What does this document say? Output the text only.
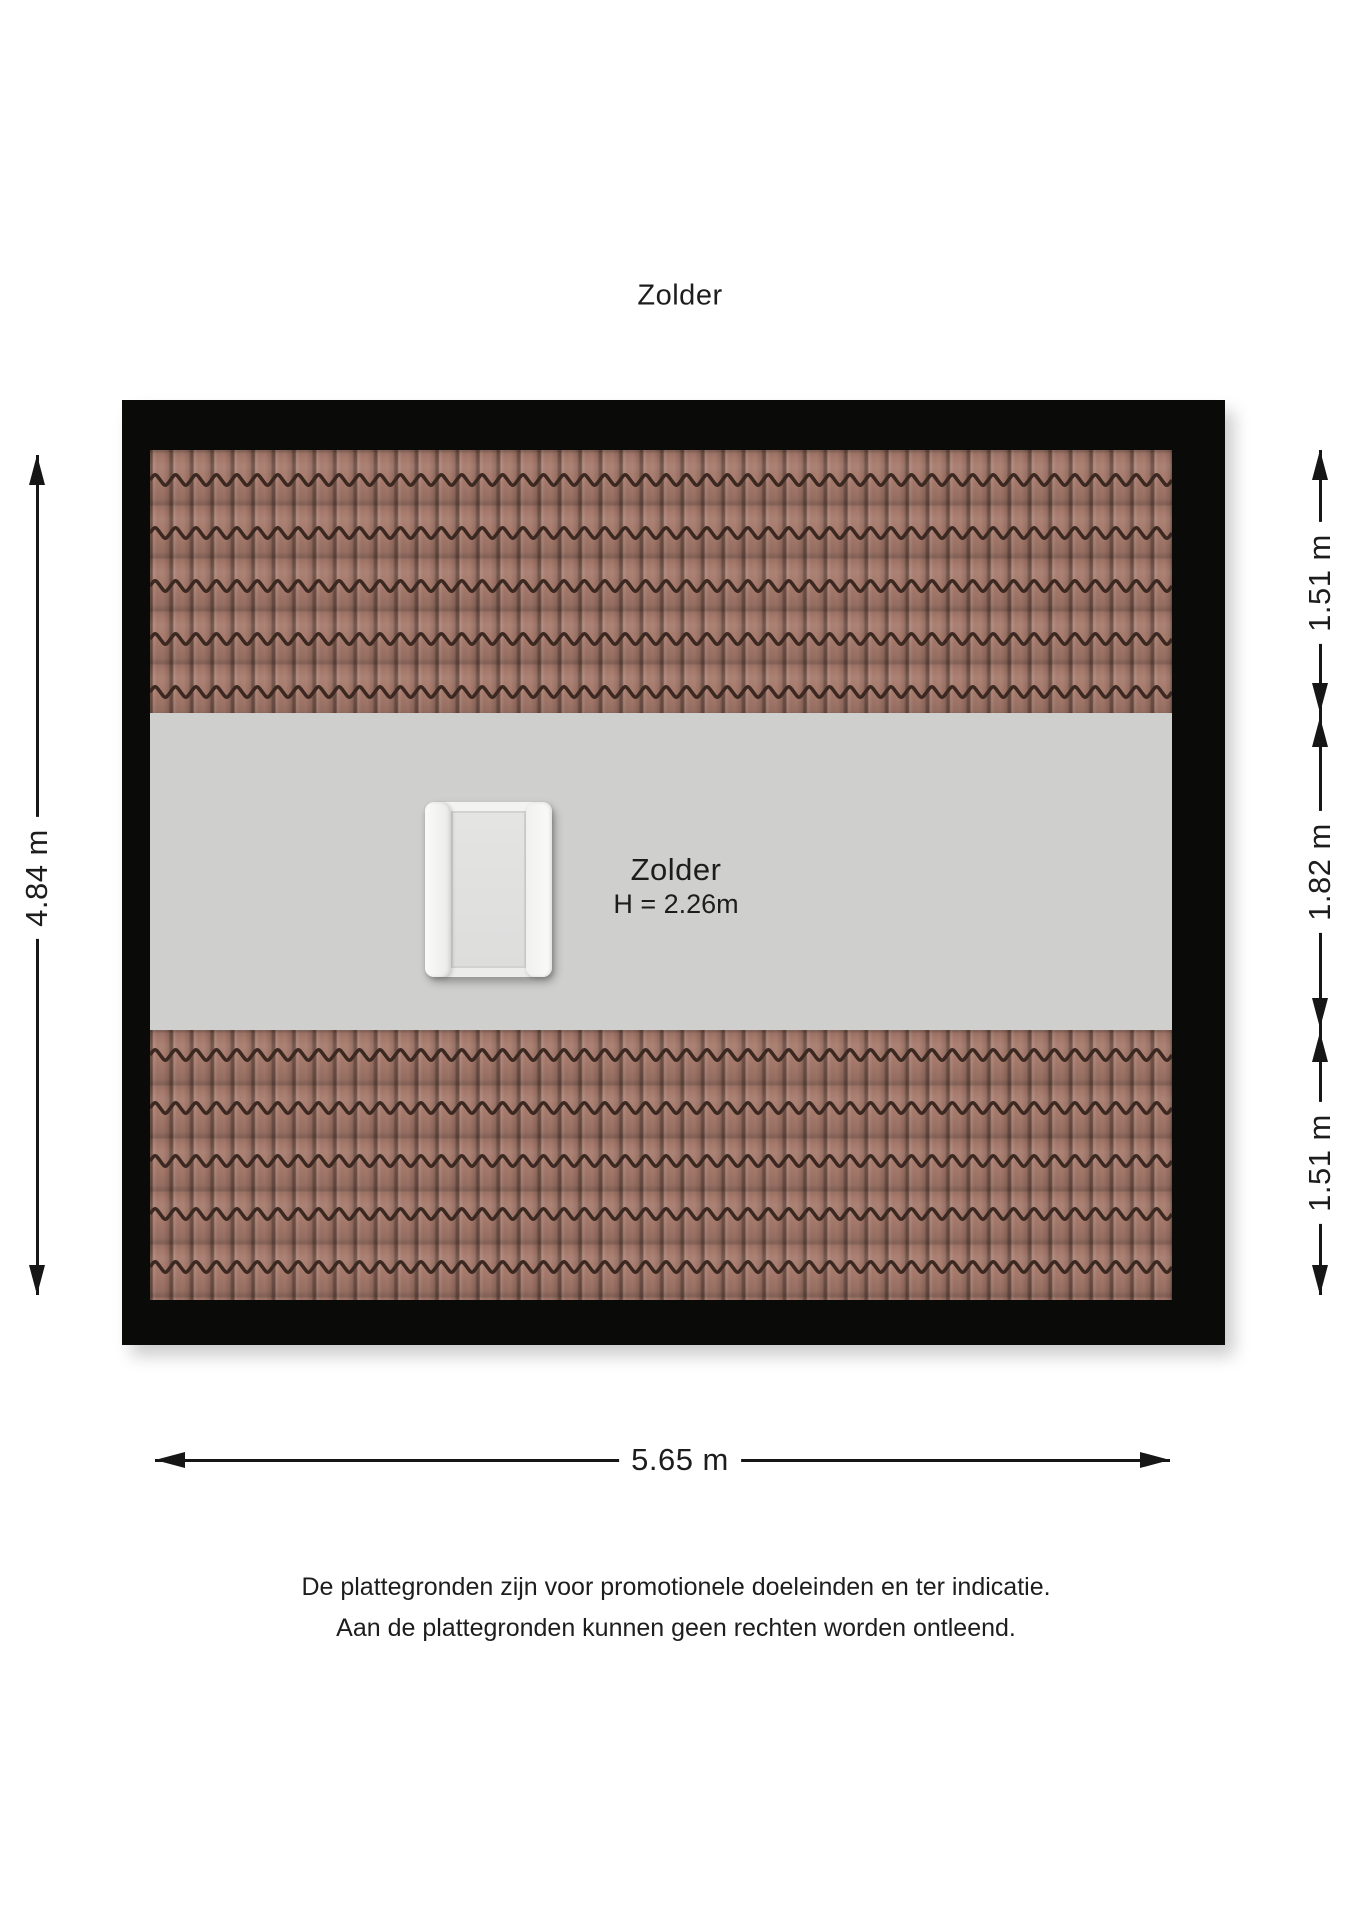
Zolder
Zolder
H = 2.26m
4.84 m
1.51 m
1.82 m
1.51 m
5.65 m
De plattegronden zijn voor promotionele doeleinden en ter indicatie.
Aan de plattegronden kunnen geen rechten worden ontleend.
